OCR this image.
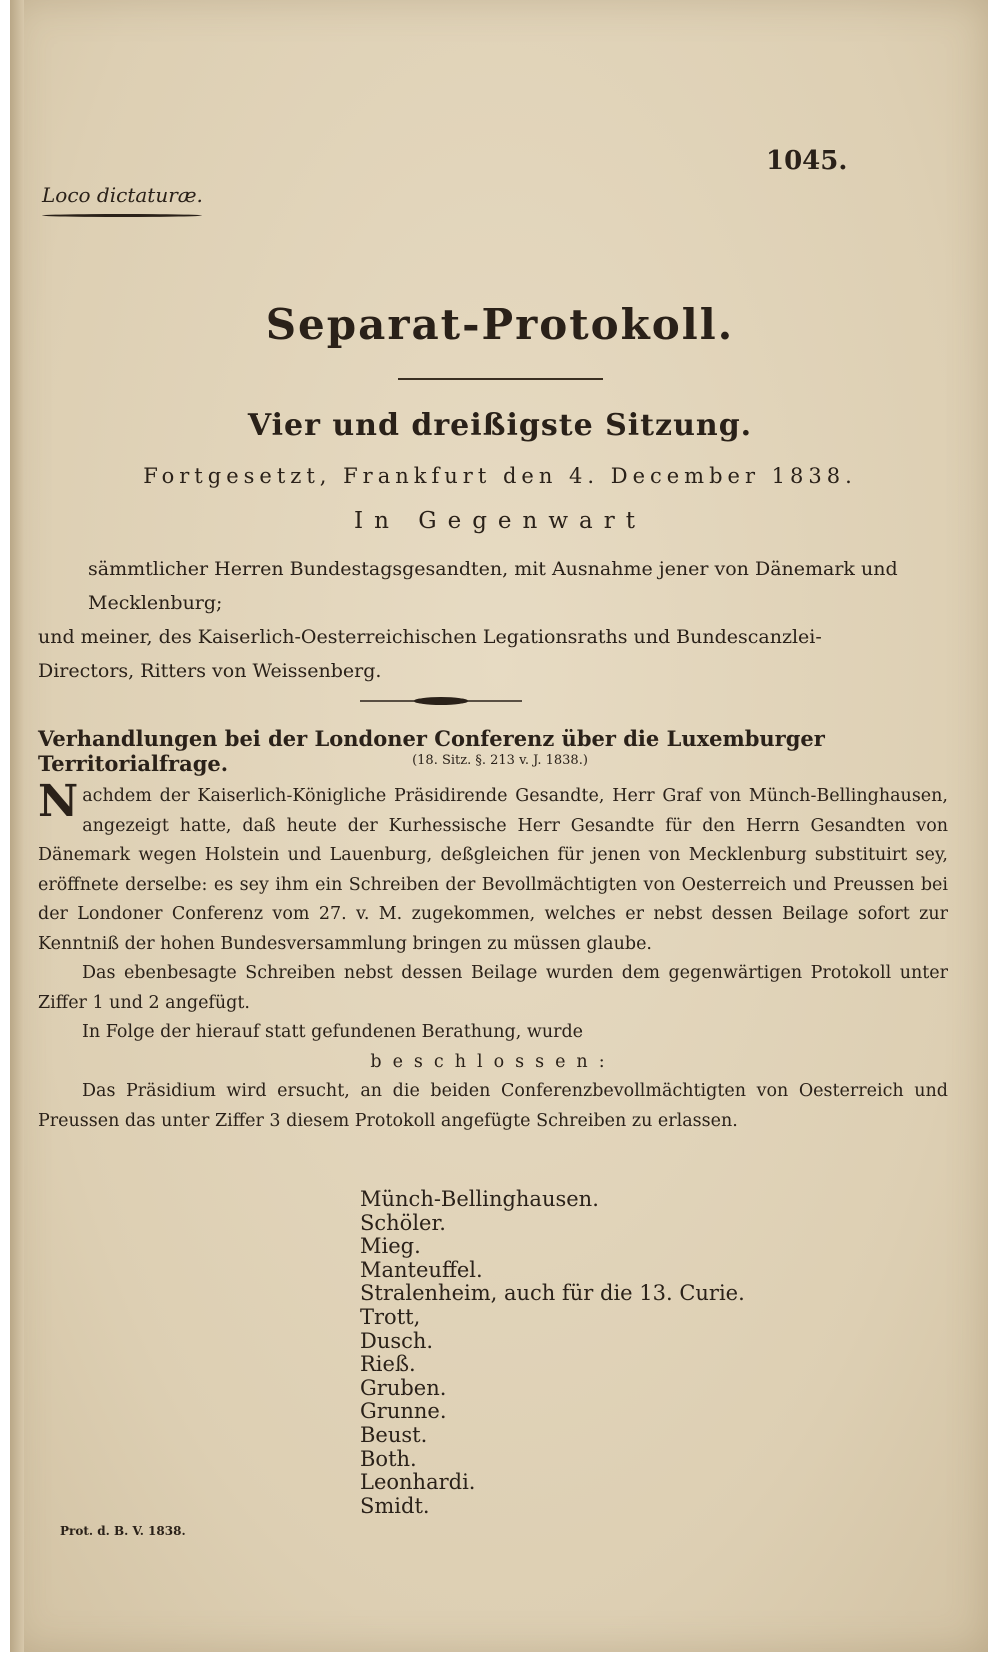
Loco dictaturæ.
1045.
Separat-Protokoll.
Vier und dreißigste Sitzung.
Fortgesetzt, Frankfurt den 4. December 1838.
In Gegenwart

sämmtlicher Herren Bundestagsgesandten, mit Ausnahme jener von Dänemark und Mecklenburg;

und meiner, des Kaiserlich-Oesterreichischen Legationsraths und Bundescanzlei-Directors, Ritters von Weissenberg.

Verhandlungen bei der Londoner Conferenz über die Luxemburger Territorialfrage.	(18. Sitz. §. 213 v. J. 1838.)

Nachdem der Kaiserlich-Königliche Präsidirende Gesandte, Herr Graf von Münch-Bellinghausen, angezeigt hatte, daß heute der Kurhessische Herr Gesandte für den Herrn Gesandten von Dänemark wegen Holstein und Lauenburg, deßgleichen für jenen von Mecklenburg substituirt sey, eröffnete derselbe: es sey ihm ein Schreiben der Bevollmächtigten von Oesterreich und Preussen bei der Londoner Conferenz vom 27. v. M. zugekommen, welches er nebst dessen Beilage sofort zur Kenntniß der hohen Bundesversammlung bringen zu müssen glaube.

Das ebenbesagte Schreiben nebst dessen Beilage wurden dem gegenwärtigen Protokoll unter Ziffer 1 und 2 angefügt.

In Folge der hierauf statt gefundenen Berathung, wurde

beschlossen:

Das Präsidium wird ersucht, an die beiden Conferenzbevollmächtigten von Oesterreich und Preussen das unter Ziffer 3 diesem Protokoll angefügte Schreiben zu erlassen.

Münch-Bellinghausen.
Schöler.
Mieg.
Manteuffel.
Stralenheim, auch für die 13. Curie.
Trott,
Dusch.
Rieß.
Gruben.
Grunne.
Beust.
Both.
Leonhardi.
Smidt.
Prot. d. B. V. 1838.
